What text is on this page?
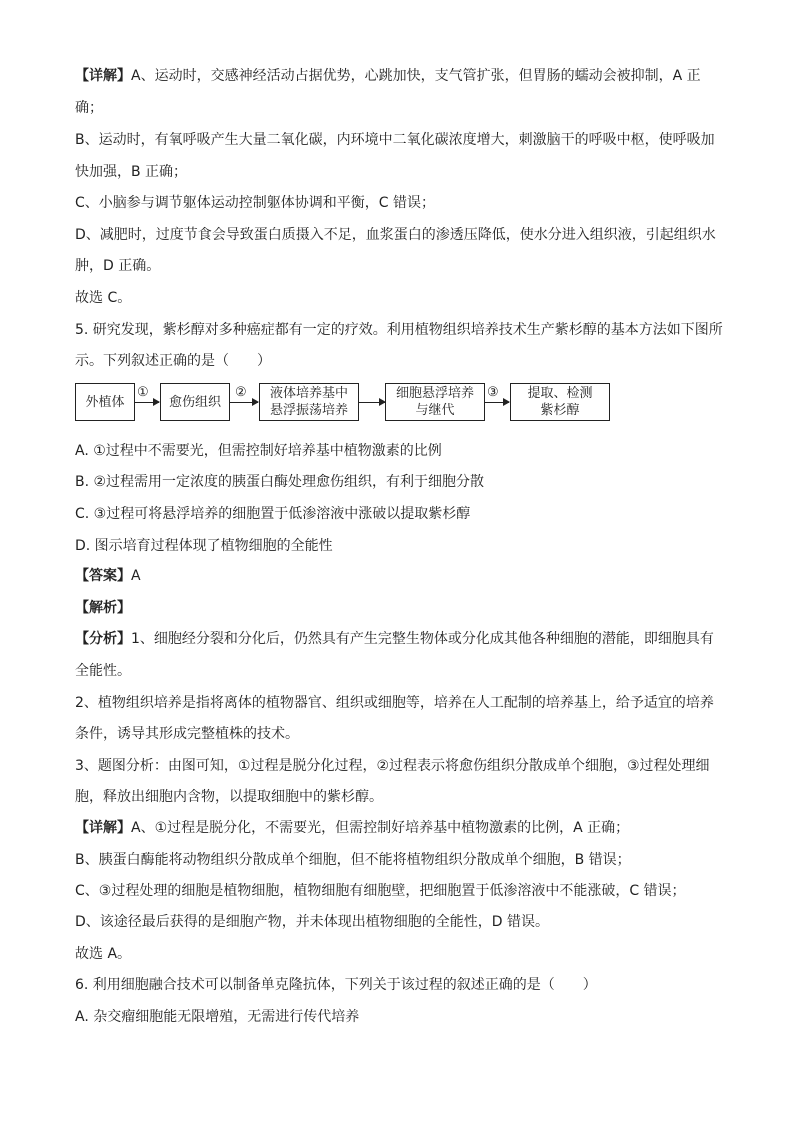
【详解】A、运动时，交感神经活动占据优势，心跳加快，支气管扩张，但胃肠的蠕动会被抑制，A 正
确；
B、运动时，有氧呼吸产生大量二氧化碳，内环境中二氧化碳浓度增大，刺激脑干的呼吸中枢，使呼吸加
快加强，B 正确；
C、小脑参与调节躯体运动控制躯体协调和平衡，C 错误；
D、减肥时，过度节食会导致蛋白质摄入不足，血浆蛋白的渗透压降低，使水分进入组织液，引起组织水
肿，D 正确。
故选 C。
5. 研究发现，紫杉醇对多种癌症都有一定的疗效。利用植物组织培养技术生产紫杉醇的基本方法如下图所
示。下列叙述正确的是（　　）
外植体
①
愈伤组织
②	液体培养基中
悬浮振荡培养
细胞悬浮培养
与继代
③	提取、检测
紫杉醇
A. ①过程中不需要光，但需控制好培养基中植物激素的比例
B. ②过程需用一定浓度的胰蛋白酶处理愈伤组织，有利于细胞分散
C. ③过程可将悬浮培养的细胞置于低渗溶液中涨破以提取紫杉醇
D. 图示培育过程体现了植物细胞的全能性
【答案】A
【解析】
【分析】1、细胞经分裂和分化后，仍然具有产生完整生物体或分化成其他各种细胞的潜能，即细胞具有
全能性。
2、植物组织培养是指将离体的植物器官、组织或细胞等，培养在人工配制的培养基上，给予适宜的培养
条件，诱导其形成完整植株的技术。
3、题图分析：由图可知，①过程是脱分化过程，②过程表示将愈伤组织分散成单个细胞，③过程处理细
胞，释放出细胞内含物，以提取细胞中的紫杉醇。
【详解】A、①过程是脱分化，不需要光，但需控制好培养基中植物激素的比例，A 正确；
B、胰蛋白酶能将动物组织分散成单个细胞，但不能将植物组织分散成单个细胞，B 错误；
C、③过程处理的细胞是植物细胞，植物细胞有细胞壁，把细胞置于低渗溶液中不能涨破，C 错误；
D、该途径最后获得的是细胞产物，并未体现出植物细胞的全能性，D 错误。
故选 A。
6. 利用细胞融合技术可以制备单克隆抗体，下列关于该过程的叙述正确的是（　　）
A. 杂交瘤细胞能无限增殖，无需进行传代培养
